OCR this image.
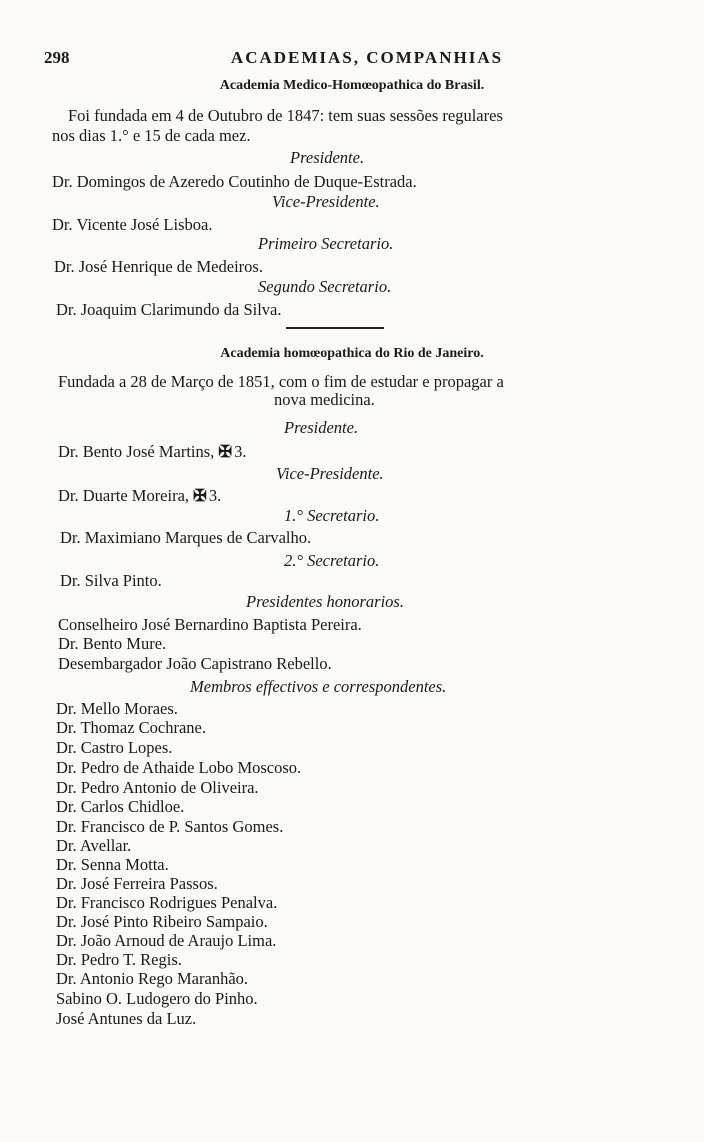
298	ACADEMIAS, COMPANHIAS
Academia Medico-Homœopathica do Brasil.
Foi fundada em 4 de Outubro de 1847: tem suas sessões regulares
nos dias 1.° e 15 de cada mez.
Presidente.
Dr. Domingos de Azeredo Coutinho de Duque-Estrada.
Vice-Presidente.
Dr. Vicente José Lisboa.
Primeiro Secretario.
Dr. José Henrique de Medeiros.
Segundo Secretario.
Dr. Joaquim Clarimundo da Silva.
Academia homœopathica do Rio de Janeiro.
Fundada a 28 de Março de 1851, com o fim de estudar e propagar a
nova medicina.
Presidente.
Dr. Bento José Martins, ✠ 3.
Vice-Presidente.
Dr. Duarte Moreira, ✠ 3.
1.° Secretario.
Dr. Maximiano Marques de Carvalho.
2.° Secretario.
Dr. Silva Pinto.
Presidentes honorarios.
Conselheiro José Bernardino Baptista Pereira.
Dr. Bento Mure.
Desembargador João Capistrano Rebello.
Membros effectivos e correspondentes.
Dr. Mello Moraes.
Dr. Thomaz Cochrane.
Dr. Castro Lopes.
Dr. Pedro de Athaide Lobo Moscoso.
Dr. Pedro Antonio de Oliveira.
Dr. Carlos Chidloe.
Dr. Francisco de P. Santos Gomes.
Dr. Avellar.
Dr. Senna Motta.
Dr. José Ferreira Passos.
Dr. Francisco Rodrigues Penalva.
Dr. José Pinto Ribeiro Sampaio.
Dr. João Arnoud de Araujo Lima.
Dr. Pedro T. Regis.
Dr. Antonio Rego Maranhão.
Sabino O. Ludogero do Pinho.
José Antunes da Luz.
